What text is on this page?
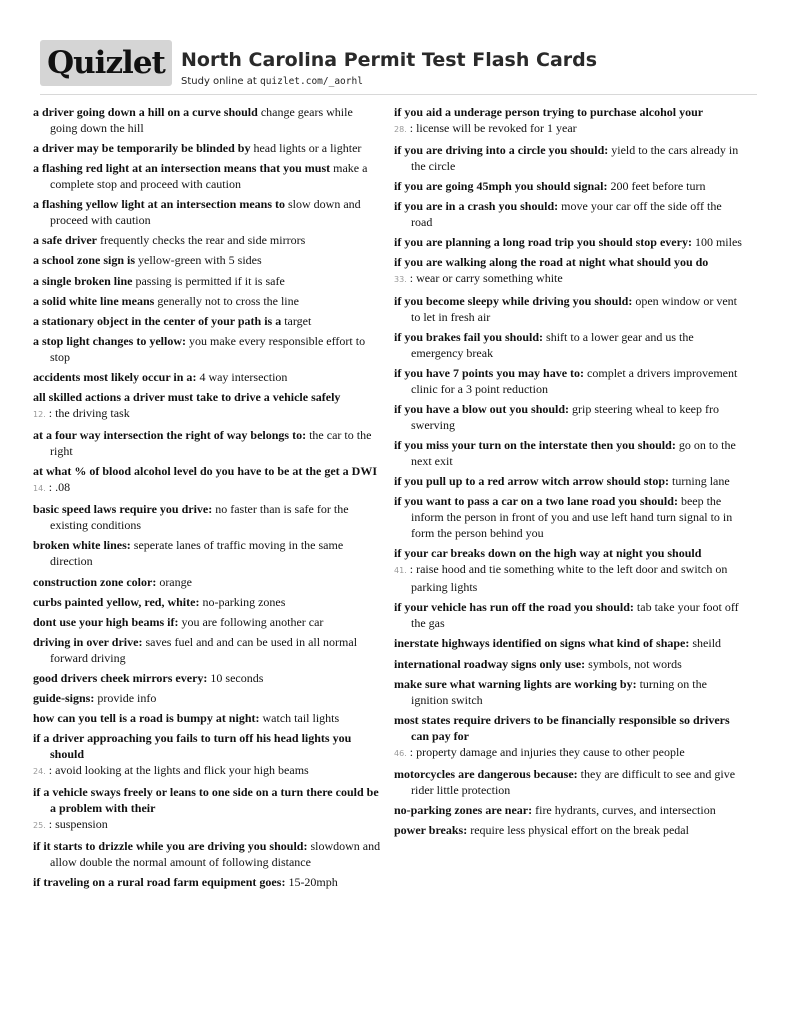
Quizlet North Carolina Permit Test Flash Cards
Study online at quizlet.com/_aorhl
a driver going down a hill on a curve should change gears while going down the hill
a driver may be temporarily be blinded by head lights or a lighter
a flashing red light at an intersection means that you must make a complete stop and proceed with caution
a flashing yellow light at an intersection means to slow down and proceed with caution
a safe driver frequently checks the rear and side mirrors
a school zone sign is yellow-green with 5 sides
a single broken line passing is permitted if it is safe
a solid white line means generally not to cross the line
a stationary object in the center of your path is a target
a stop light changes to yellow: you make every responsible effort to stop
accidents most likely occur in a: 4 way intersection
all skilled actions a driver must take to drive a vehicle safely
12. : the driving task
at a four way intersection the right of way belongs to: the car to the right
at what % of blood alcohol level do you have to be at the get a DWI
14. : .08
basic speed laws require you drive: no faster than is safe for the existing conditions
broken white lines: seperate lanes of traffic moving in the same direction
construction zone color: orange
curbs painted yellow, red, white: no-parking zones
dont use your high beams if: you are following another car
driving in over drive: saves fuel and and can be used in all normal forward driving
good drivers cheek mirrors every: 10 seconds
guide-signs: provide info
how can you tell is a road is bumpy at night: watch tail lights
if a driver approaching you fails to turn off his head lights you should
24. : avoid looking at the lights and flick your high beams
if a vehicle sways freely or leans to one side on a turn there could be a problem with their
25. : suspension
if it starts to drizzle while you are driving you should: slowdown and allow double the normal amount of following distance
if traveling on a rural road farm equipment goes: 15-20mph
if you aid a underage person trying to purchase alcohol your
28. : license will be revoked for 1 year
if you are driving into a circle you should: yield to the cars already in the circle
if you are going 45mph you should signal: 200 feet before turn
if you are in a crash you should: move your car off the side off the road
if you are planning a long road trip you should stop every: 100 miles
if you are walking along the road at night what should you do
33. : wear or carry something white
if you become sleepy while driving you should: open window or vent to let in fresh air
if you brakes fail you should: shift to a lower gear and us the emergency break
if you have 7 points you may have to: complet a drivers improvement clinic for a 3 point reduction
if you have a blow out you should: grip steering wheal to keep fro swerving
if you miss your turn on the interstate then you should: go on to the next exit
if you pull up to a red arrow witch arrow should stop: turning lane
if you want to pass a car on a two lane road you should: beep the inform the person in front of you and use left hand turn signal to in form the person behind you
if your car breaks down on the high way at night you should
41. : raise hood and tie something white to the left door and switch on parking lights
if your vehicle has run off the road you should: tab take your foot off the gas
inerstate highways identified on signs what kind of shape: sheild
international roadway signs only use: symbols, not words
make sure what warning lights are working by: turning on the ignition switch
most states require drivers to be financially responsible so drivers can pay for
46. : property damage and injuries they cause to other people
motorcycles are dangerous because: they are difficult to see and give rider little protection
no-parking zones are near: fire hydrants, curves, and intersection
power breaks: require less physical effort on the break pedal
